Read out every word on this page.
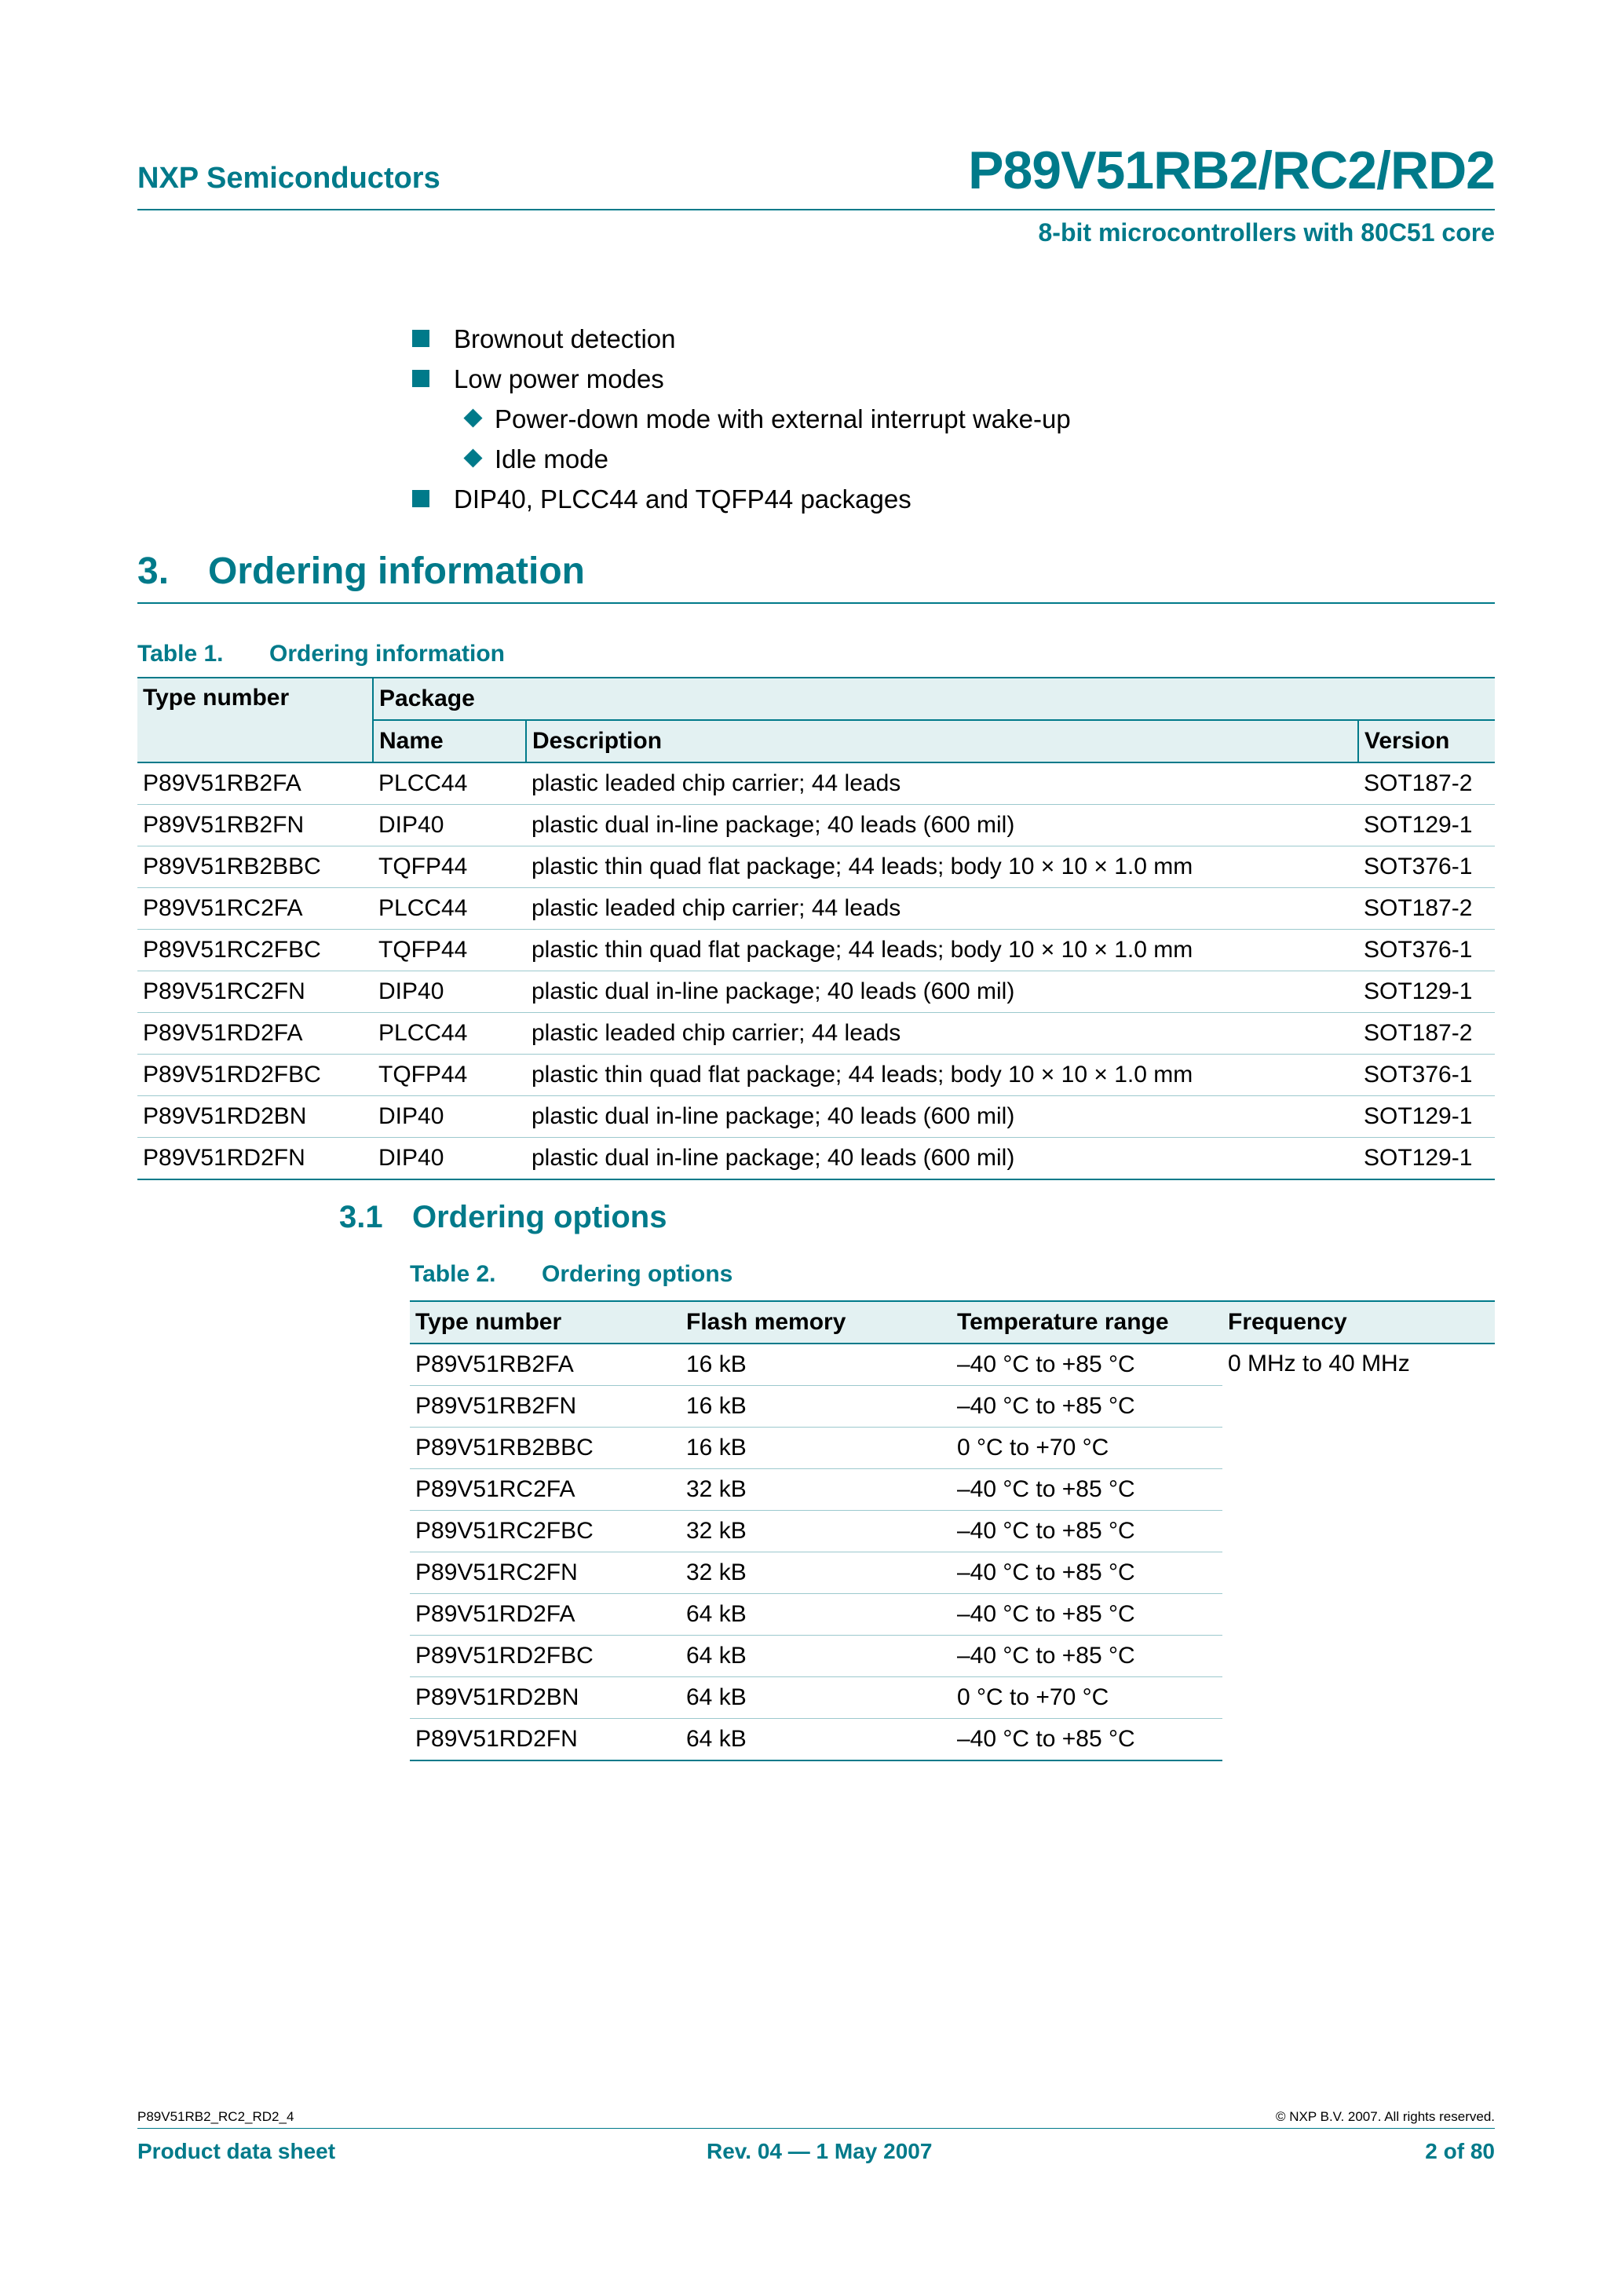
NXP Semiconductors	P89V51RB2/RC2/RD2
8-bit microcontrollers with 80C51 core
Brownout detection
Low power modes
Power-down mode with external interrupt wake-up
Idle mode
DIP40, PLCC44 and TQFP44 packages
3. Ordering information
Table 1. Ordering information
Type number	Package		
	Name	Description	Version
P89V51RB2FA	PLCC44	plastic leaded chip carrier; 44 leads	SOT187-2
P89V51RB2FN	DIP40	plastic dual in-line package; 40 leads (600 mil)	SOT129-1
P89V51RB2BBC	TQFP44	plastic thin quad flat package; 44 leads; body 10 × 10 × 1.0 mm	SOT376-1
P89V51RC2FA	PLCC44	plastic leaded chip carrier; 44 leads	SOT187-2
P89V51RC2FBC	TQFP44	plastic thin quad flat package; 44 leads; body 10 × 10 × 1.0 mm	SOT376-1
P89V51RC2FN	DIP40	plastic dual in-line package; 40 leads (600 mil)	SOT129-1
P89V51RD2FA	PLCC44	plastic leaded chip carrier; 44 leads	SOT187-2
P89V51RD2FBC	TQFP44	plastic thin quad flat package; 44 leads; body 10 × 10 × 1.0 mm	SOT376-1
P89V51RD2BN	DIP40	plastic dual in-line package; 40 leads (600 mil)	SOT129-1
P89V51RD2FN	DIP40	plastic dual in-line package; 40 leads (600 mil)	SOT129-1
3.1 Ordering options
Table 2. Ordering options
Type number	Flash memory	Temperature range	Frequency
P89V51RB2FA	16 kB	–40 °C to +85 °C	0 MHz to 40 MHz
P89V51RB2FN	16 kB	–40 °C to +85 °C	
P89V51RB2BBC	16 kB	0 °C to +70 °C	
P89V51RC2FA	32 kB	–40 °C to +85 °C	
P89V51RC2FBC	32 kB	–40 °C to +85 °C	
P89V51RC2FN	32 kB	–40 °C to +85 °C	
P89V51RD2FA	64 kB	–40 °C to +85 °C	
P89V51RD2FBC	64 kB	–40 °C to +85 °C	
P89V51RD2BN	64 kB	0 °C to +70 °C	
P89V51RD2FN	64 kB	–40 °C to +85 °C	
P89V51RB2_RC2_RD2_4	© NXP B.V. 2007. All rights reserved.
Product data sheet	Rev. 04 — 1 May 2007	2 of 80
